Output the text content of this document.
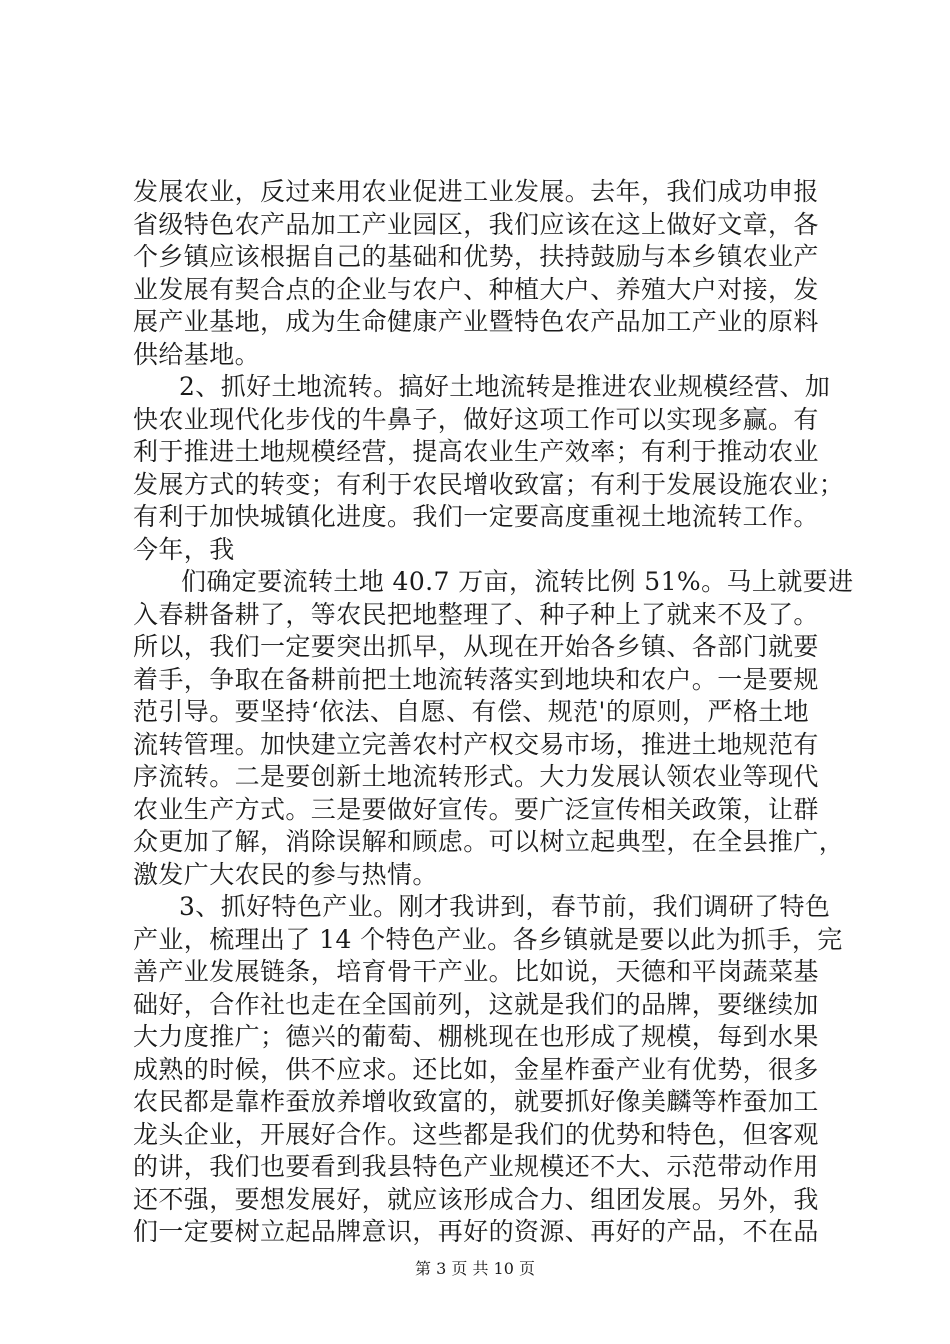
发展农业，反过来用农业促进工业发展。去年，我们成功申报
省级特色农产品加工产业园区，我们应该在这上做好文章，各
个乡镇应该根据自己的基础和优势，扶持鼓励与本乡镇农业产
业发展有契合点的企业与农户、种植大户、养殖大户对接，发
展产业基地，成为生命健康产业暨特色农产品加工产业的原料
供给基地。
2、抓好土地流转。搞好土地流转是推进农业规模经营、加
快农业现代化步伐的牛鼻子，做好这项工作可以实现多赢。有
利于推进土地规模经营，提高农业生产效率；有利于推动农业
发展方式的转变；有利于农民增收致富；有利于发展设施农业；
有利于加快城镇化进度。我们一定要高度重视土地流转工作。
今年，我
们确定要流转土地 40.7 万亩，流转比例 51%。马上就要进
入春耕备耕了，等农民把地整理了、种子种上了就来不及了。
所以，我们一定要突出抓早，从现在开始各乡镇、各部门就要
着手，争取在备耕前把土地流转落实到地块和农户。一是要规
范引导。要坚持‘依法、自愿、有偿、规范'的原则，严格土地
流转管理。加快建立完善农村产权交易市场，推进土地规范有
序流转。二是要创新土地流转形式。大力发展认领农业等现代
农业生产方式。三是要做好宣传。要广泛宣传相关政策，让群
众更加了解，消除误解和顾虑。可以树立起典型，在全县推广，
激发广大农民的参与热情。
3、抓好特色产业。刚才我讲到，春节前，我们调研了特色
产业，梳理出了 14 个特色产业。各乡镇就是要以此为抓手，完
善产业发展链条，培育骨干产业。比如说，天德和平岗蔬菜基
础好，合作社也走在全国前列，这就是我们的品牌，要继续加
大力度推广；德兴的葡萄、棚桃现在也形成了规模，每到水果
成熟的时候，供不应求。还比如，金星柞蚕产业有优势，很多
农民都是靠柞蚕放养增收致富的，就要抓好像美麟等柞蚕加工
龙头企业，开展好合作。这些都是我们的优势和特色，但客观
的讲，我们也要看到我县特色产业规模还不大、示范带动作用
还不强，要想发展好，就应该形成合力、组团发展。另外，我
们一定要树立起品牌意识，再好的资源、再好的产品，不在品
第 3 页 共 10 页
